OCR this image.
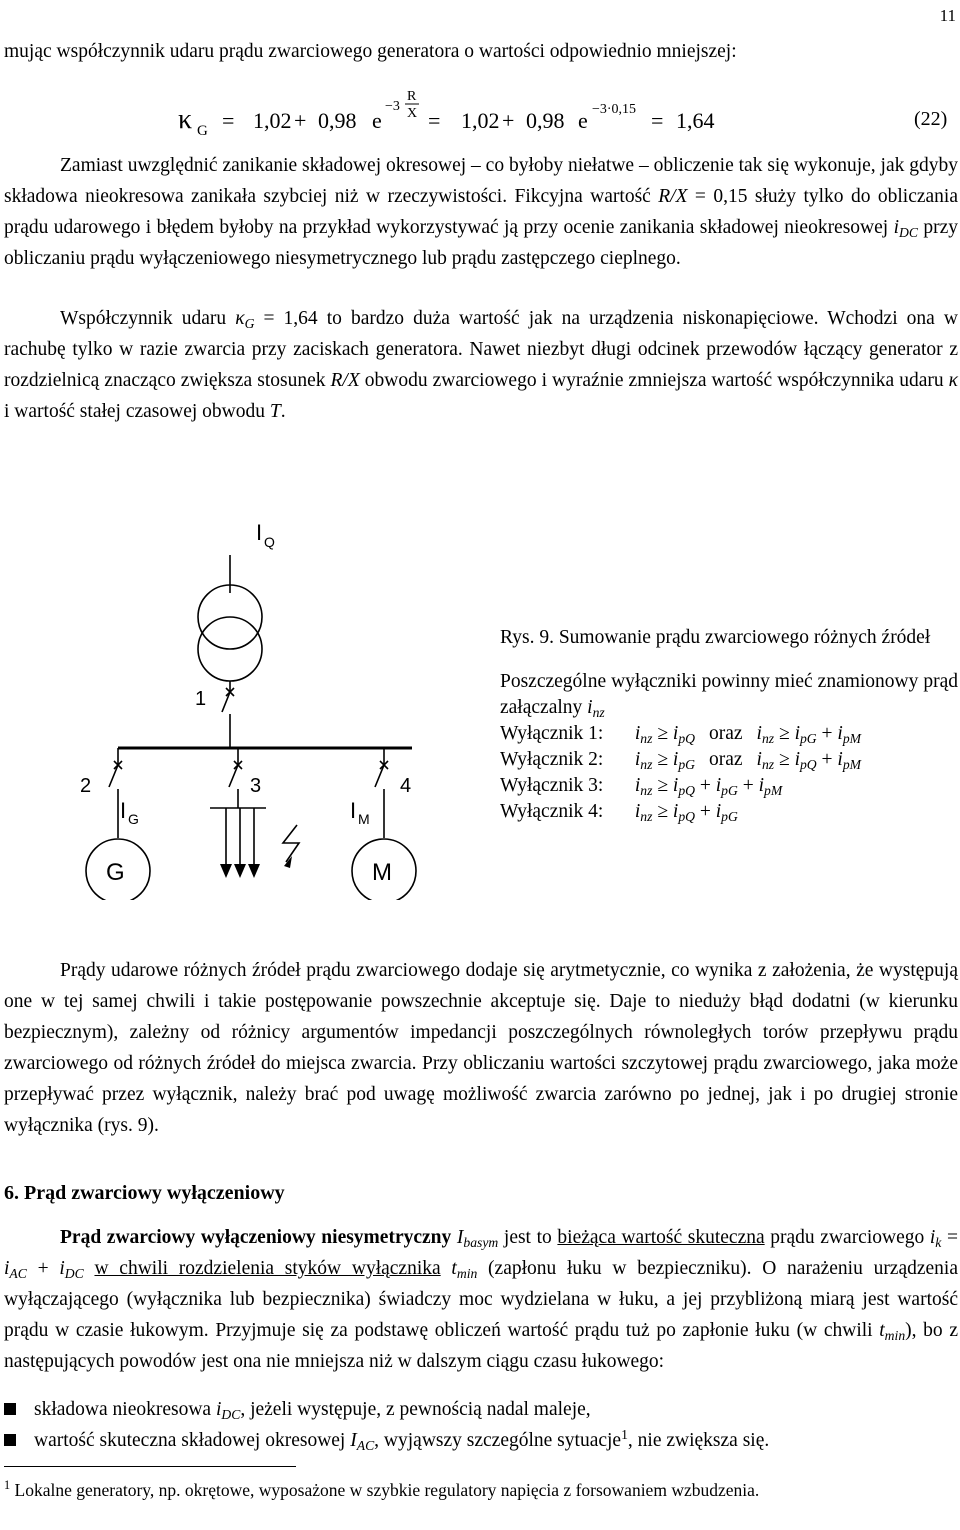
11

mując współczynnik udaru prądu zwarciowego generatora o wartości odpowiednio mniejszej:

κ G = 1,02 + 0,98 e
−3
R
X = 1,02 + 0,98 e −3·0,15 = 1,64	(22)

Zamiast uwzględnić zanikanie składowej okresowej – co byłoby niełatwe – obliczenie tak się wykonuje, jak gdyby składowa nieokresowa zanikała szybciej niż w rzeczywistości. Fikcyjna wartość R/X = 0,15 służy tylko do obliczania prądu udarowego i błędem byłoby na przykład wykorzystywać ją przy ocenie zanikania składowej nieokresowej $i_{DC}$ przy obliczaniu prądu wyłączeniowego niesymetrycznego lub prądu zastępczego cieplnego.

Współczynnik udaru $\kappa_G = 1,64$ to bardzo duża wartość jak na urządzenia niskonapięciowe. Wchodzi ona w rachubę tylko w razie zwarcia przy zaciskach generatora. Nawet niezbyt długi odcinek przewodów łączący generator z rozdzielnicą znacząco zwiększa stosunek R/X obwodu zwarciowego i wyraźnie zmniejsza wartość współczynnika udaru κ i wartość stałej czasowej obwodu T.

I Q
1
2	3	4
I G	I M
G	M
Rys. 9. Sumowanie prądu zwarciowego różnych źródeł
Poszczególne wyłączniki powinny mieć znamionowy prąd załączalny $i_{nz}$
Wyłącznik 1: $i_{nz} \ge i_{pQ}$ oraz $i_{nz} \ge i_{pG} + i_{pM}$
Wyłącznik 2: $i_{nz} \ge i_{pG}$ oraz $i_{nz} \ge i_{pQ} + i_{pM}$
Wyłącznik 3: $i_{nz} \ge i_{pQ} + i_{pG} + i_{pM}$
Wyłącznik 4: $i_{nz} \ge i_{pQ} + i_{pG}$

Prądy udarowe różnych źródeł prądu zwarciowego dodaje się arytmetycznie, co wynika z założenia, że występują one w tej samej chwili i takie postępowanie powszechnie akceptuje się. Daje to nieduży błąd dodatni (w kierunku bezpiecznym), zależny od różnicy argumentów impedancji poszczególnych równoległych torów przepływu prądu zwarciowego od różnych źródeł do miejsca zwarcia. Przy obliczaniu wartości szczytowej prądu zwarciowego, jaka może przepływać przez wyłącznik, należy brać pod uwagę możliwość zwarcia zarówno po jednej, jak i po drugiej stronie wyłącznika (rys. 9).

6. Prąd zwarciowy wyłączeniowy

Prąd zwarciowy wyłączeniowy niesymetryczny $I_{basym}$ jest to bieżąca wartość skuteczna prądu zwarciowego $i_k = i_{AC} + i_{DC}$ w chwili rozdzielenia styków wyłącznika $t_{min}$ (zapłonu łuku w bezpieczniku). O narażeniu urządzenia wyłączającego (wyłącznika lub bezpiecznika) świadczy moc wydzielana w łuku, a jej przybliżoną miarą jest wartość prądu w czasie łukowym. Przyjmuje się za podstawę obliczeń wartość prądu tuż po zapłonie łuku (w chwili $t_{min}$), bo z następujących powodów jest ona nie mniejsza niż w dalszym ciągu czasu łukowego:

składowa nieokresowa $i_{DC}$, jeżeli występuje, z pewnością nadal maleje,
wartość skuteczna składowej okresowej $I_{AC}$, wyjąwszy szczególne sytuacje$^1$, nie zwiększa się.
$^1$ Lokalne generatory, np. okrętowe, wyposażone w szybkie regulatory napięcia z forsowaniem wzbudzenia.
